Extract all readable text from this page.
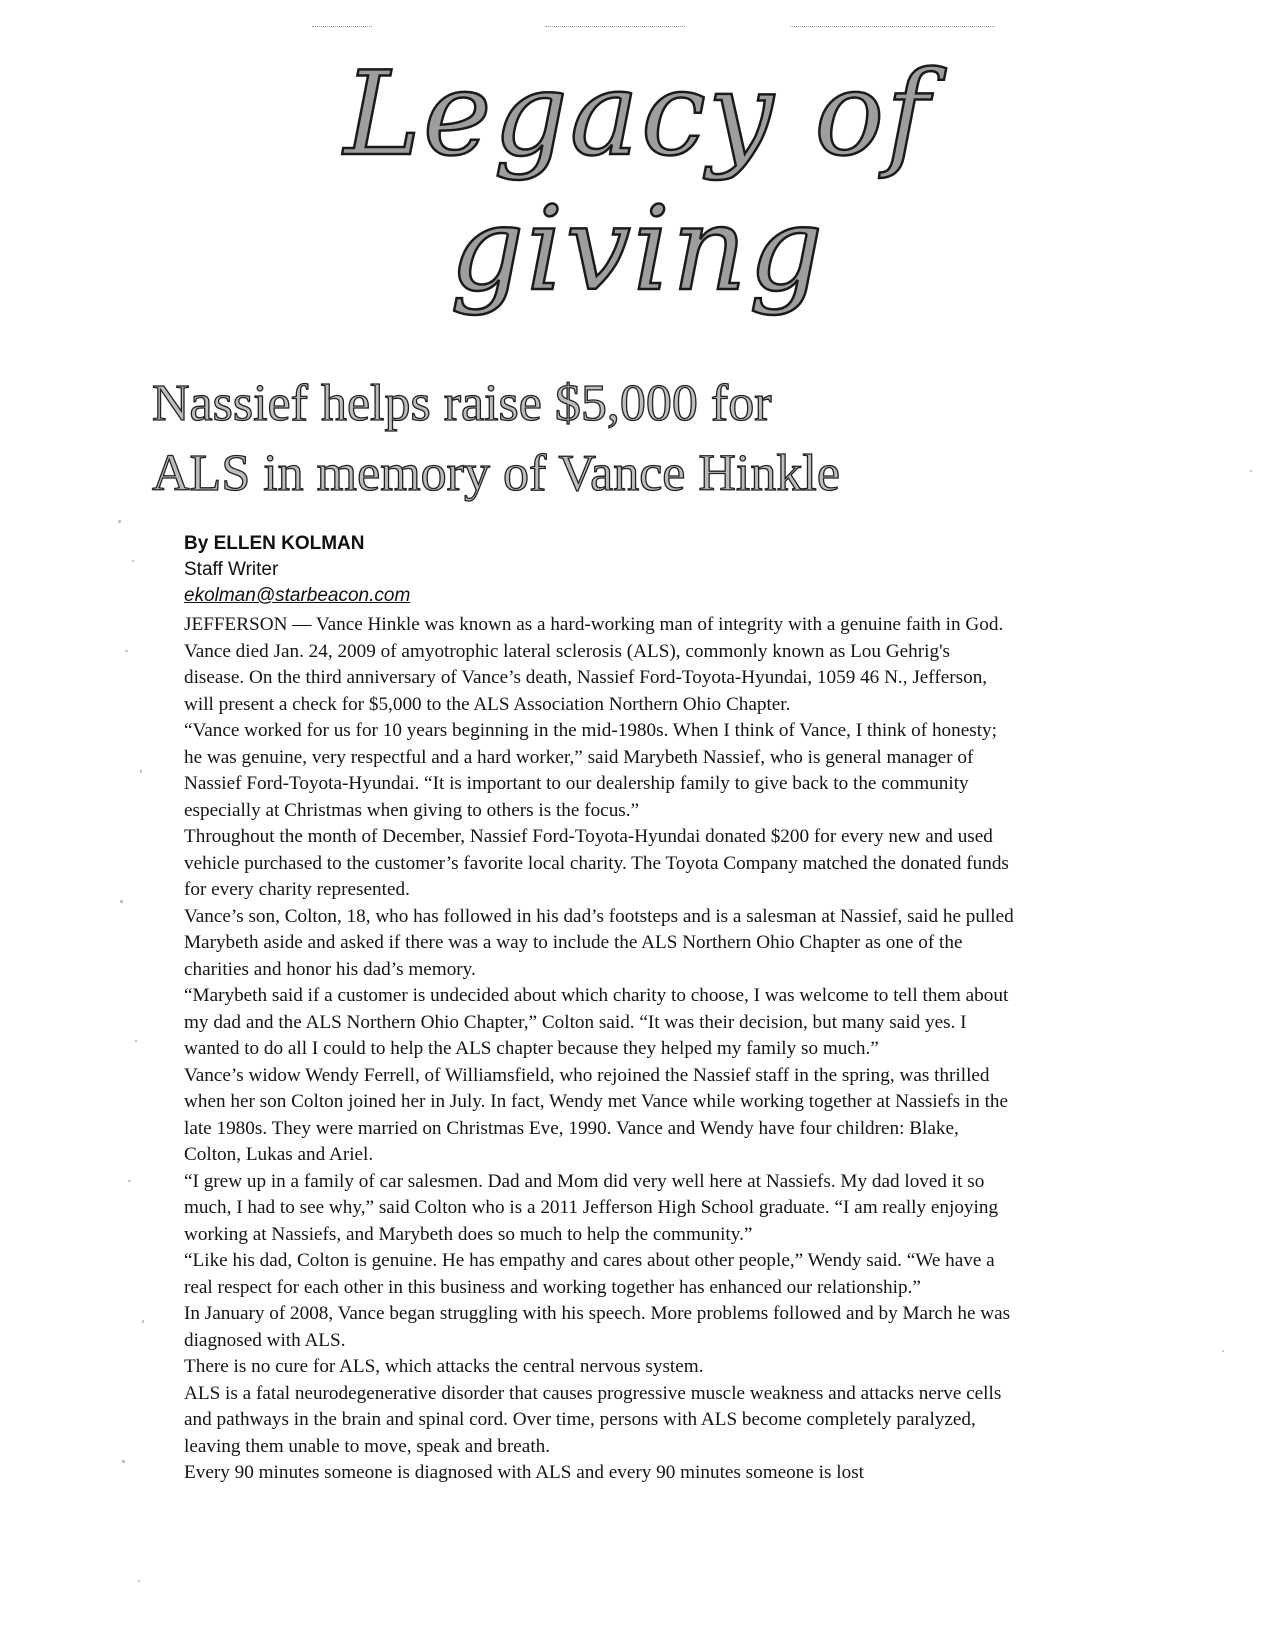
Legacy of
giving
Nassief helps raise $5,000 for
ALS in memory of Vance Hinkle
By ELLEN KOLMAN
Staff Writer
ekolman@starbeacon.com

JEFFERSON — Vance Hinkle was known as a hard-working man of integrity with a genuine faith in God.

Vance died Jan. 24, 2009 of amyotrophic lateral sclerosis (ALS), commonly known as Lou Gehrig's disease. On the third anniversary of Vance’s death, Nassief Ford-Toyota-Hyundai, 1059 46 N., Jefferson, will present a check for $5,000 to the ALS Association Northern Ohio Chapter.

“Vance worked for us for 10 years beginning in the mid-1980s. When I think of Vance, I think of honesty; he was genuine, very respectful and a hard worker,” said Marybeth Nassief, who is general manager of Nassief Ford-Toyota-Hyundai. “It is important to our dealership family to give back to the community especially at Christmas when giving to others is the focus.”

Throughout the month of December, Nassief Ford-Toyota-Hyundai donated $200 for every new and used vehicle purchased to the customer’s favorite local charity. The Toyota Company matched the donated funds for every charity represented.

Vance’s son, Colton, 18, who has followed in his dad’s footsteps and is a salesman at Nassief, said he pulled Marybeth aside and asked if there was a way to include the ALS Northern Ohio Chapter as one of the charities and honor his dad’s memory.

“Marybeth said if a customer is undecided about which charity to choose, I was welcome to tell them about my dad and the ALS Northern Ohio Chapter,” Colton said. “It was their decision, but many said yes. I wanted to do all I could to help the ALS chapter because they helped my family so much.”

Vance’s widow Wendy Ferrell, of Williamsfield, who rejoined the Nassief staff in the spring, was thrilled when her son Colton joined her in July. In fact, Wendy met Vance while working together at Nassiefs in the late 1980s. They were married on Christmas Eve, 1990. Vance and Wendy have four children: Blake, Colton, Lukas and Ariel.

“I grew up in a family of car salesmen. Dad and Mom did very well here at Nassiefs. My dad loved it so much, I had to see why,” said Colton who is a 2011 Jefferson High School graduate. “I am really enjoying working at Nassiefs, and Marybeth does so much to help the community.”

“Like his dad, Colton is genuine. He has empathy and cares about other people,” Wendy said. “We have a real respect for each other in this business and working together has enhanced our relationship.”

In January of 2008, Vance began struggling with his speech. More problems followed and by March he was diagnosed with ALS.

There is no cure for ALS, which attacks the central nervous system.

ALS is a fatal neurodegenerative disorder that causes progressive muscle weakness and attacks nerve cells and pathways in the brain and spinal cord. Over time, persons with ALS become completely paralyzed, leaving them unable to move, speak and breath.

Every 90 minutes someone is diagnosed with ALS and every 90 minutes someone is lost
